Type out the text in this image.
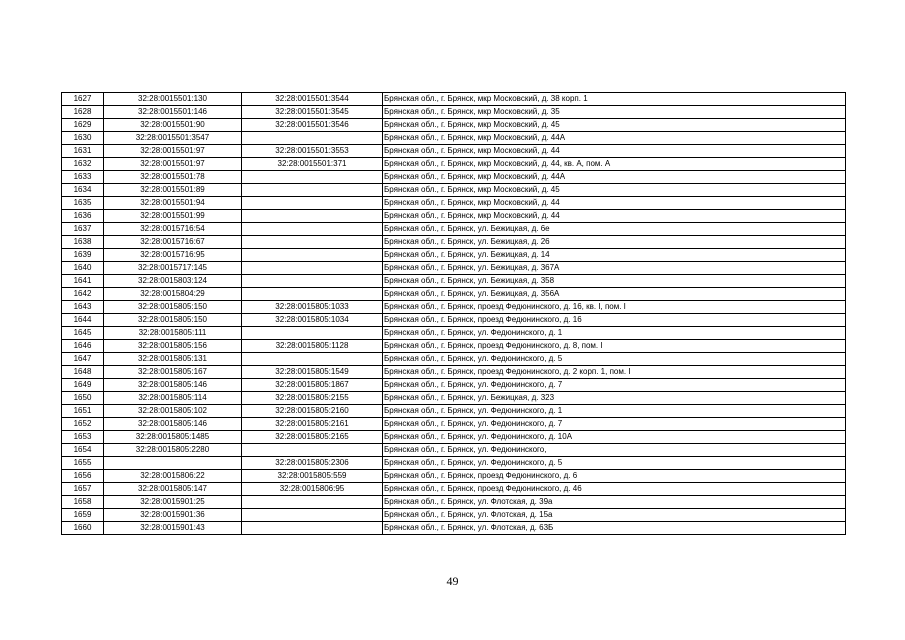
1627	32:28:0015501:130	32:28:0015501:3544	Брянская обл., г. Брянск, мкр Московский, д. 38 корп. 1
1628	32:28:0015501:146	32:28:0015501:3545	Брянская обл., г. Брянск, мкр Московский, д. 35
1629	32:28:0015501:90	32:28:0015501:3546	Брянская обл., г. Брянск, мкр Московский, д. 45
1630	32:28:0015501:3547		Брянская обл., г. Брянск, мкр Московский, д. 44А
1631	32:28:0015501:97	32:28:0015501:3553	Брянская обл., г. Брянск, мкр Московский, д. 44
1632	32:28:0015501:97	32:28:0015501:371	Брянская обл., г. Брянск, мкр Московский, д. 44, кв. А, пом. А
1633	32:28:0015501:78		Брянская обл., г. Брянск, мкр Московский, д. 44А
1634	32:28:0015501:89		Брянская обл., г. Брянск, мкр Московский, д. 45
1635	32:28:0015501:94		Брянская обл., г. Брянск, мкр Московский, д. 44
1636	32:28:0015501:99		Брянская обл., г. Брянск, мкр Московский, д. 44
1637	32:28:0015716:54		Брянская обл., г. Брянск, ул. Бежицкая, д. 6е
1638	32:28:0015716:67		Брянская обл., г. Брянск, ул. Бежицкая, д. 26
1639	32:28:0015716:95		Брянская обл., г. Брянск, ул. Бежицкая, д. 14
1640	32:28:0015717:145		Брянская обл., г. Брянск, ул. Бежицкая, д. 367А
1641	32:28:0015803:124		Брянская обл., г. Брянск, ул. Бежицкая, д. 358
1642	32:28:0015804:29		Брянская обл., г. Брянск, ул. Бежицкая, д. 356А
1643	32:28:0015805:150	32:28:0015805:1033	Брянская обл., г. Брянск, проезд Федюнинского, д. 16, кв. I, пом. I
1644	32:28:0015805:150	32:28:0015805:1034	Брянская обл., г. Брянск, проезд Федюнинского, д. 16
1645	32:28:0015805:111		Брянская обл., г. Брянск, ул. Федюнинского, д. 1
1646	32:28:0015805:156	32:28:0015805:1128	Брянская обл., г. Брянск, проезд Федюнинского, д. 8, пом. I
1647	32:28:0015805:131		Брянская обл., г. Брянск, ул. Федюнинского, д. 5
1648	32:28:0015805:167	32:28:0015805:1549	Брянская обл., г. Брянск, проезд Федюнинского, д. 2 корп. 1, пом. I
1649	32:28:0015805:146	32:28:0015805:1867	Брянская обл., г. Брянск, ул. Федюнинского, д. 7
1650	32:28:0015805:114	32:28:0015805:2155	Брянская обл., г. Брянск, ул. Бежицкая, д. 323
1651	32:28:0015805:102	32:28:0015805:2160	Брянская обл., г. Брянск, ул. Федюнинского, д. 1
1652	32:28:0015805:146	32:28:0015805:2161	Брянская обл., г. Брянск, ул. Федюнинского, д. 7
1653	32:28:0015805:1485	32:28:0015805:2165	Брянская обл., г. Брянск, ул. Федюнинского, д. 10А
1654	32:28:0015805:2280		Брянская обл., г. Брянск, ул. Федюнинского,
1655		32:28:0015805:2306	Брянская обл., г. Брянск, ул. Федюнинского, д. 5
1656	32:28:0015806:22	32:28:0015805:559	Брянская обл., г. Брянск, проезд Федюнинского, д. 6
1657	32:28:0015805:147	32:28:0015806:95	Брянская обл., г. Брянск, проезд Федюнинского, д. 46
1658	32:28:0015901:25		Брянская обл., г. Брянск, ул. Флотская, д. 39а
1659	32:28:0015901:36		Брянская обл., г. Брянск, ул. Флотская, д. 15а
1660	32:28:0015901:43		Брянская обл., г. Брянск, ул. Флотская, д. 63Б
49
